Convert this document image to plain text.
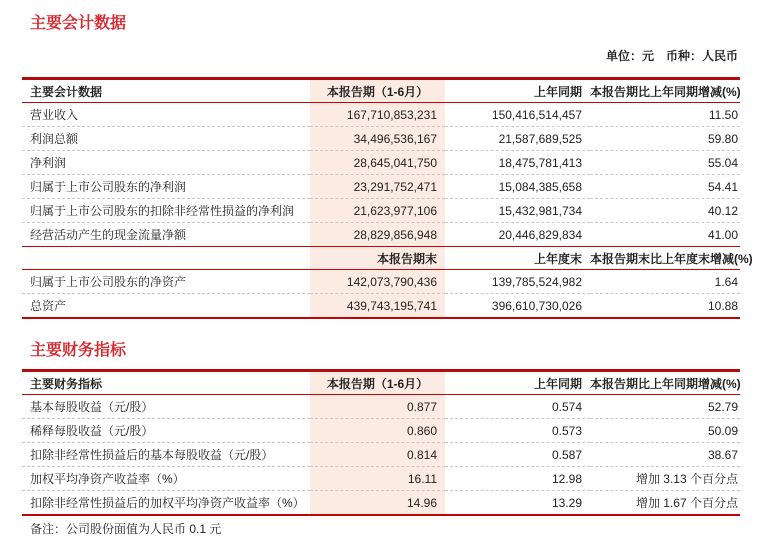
主要会计数据
单位：元　币种：人民币
主要会计数据	本报告期（1-6月）	上年同期	本报告期比上年同期增减(%)
营业收入	167,710,853,231	150,416,514,457	11.50
利润总额	34,496,536,167	21,587,689,525	59.80
净利润	28,645,041,750	18,475,781,413	55.04
归属于上市公司股东的净利润	23,291,752,471	15,084,385,658	54.41
归属于上市公司股东的扣除非经常性损益的净利润	21,623,977,106	15,432,981,734	40.12
经营活动产生的现金流量净额	28,829,856,948	20,446,829,834	41.00
	本报告期末	上年度末	本报告期末比上年度末增减(%)
归属于上市公司股东的净资产	142,073,790,436	139,785,524,982	1.64
总资产	439,743,195,741	396,610,730,026	10.88
主要财务指标
主要财务指标	本报告期（1-6月）	上年同期	本报告期比上年同期增减(%)
基本每股收益（元/股）	0.877	0.574	52.79
稀释每股收益（元/股）	0.860	0.573	50.09
扣除非经常性损益后的基本每股收益（元/股）	0.814	0.587	38.67
加权平均净资产收益率（%）	16.11	12.98	增加 3.13 个百分点
扣除非经常性损益后的加权平均净资产收益率（%）	14.96	13.29	增加 1.67 个百分点
备注：公司股份面值为人民币 0.1 元
